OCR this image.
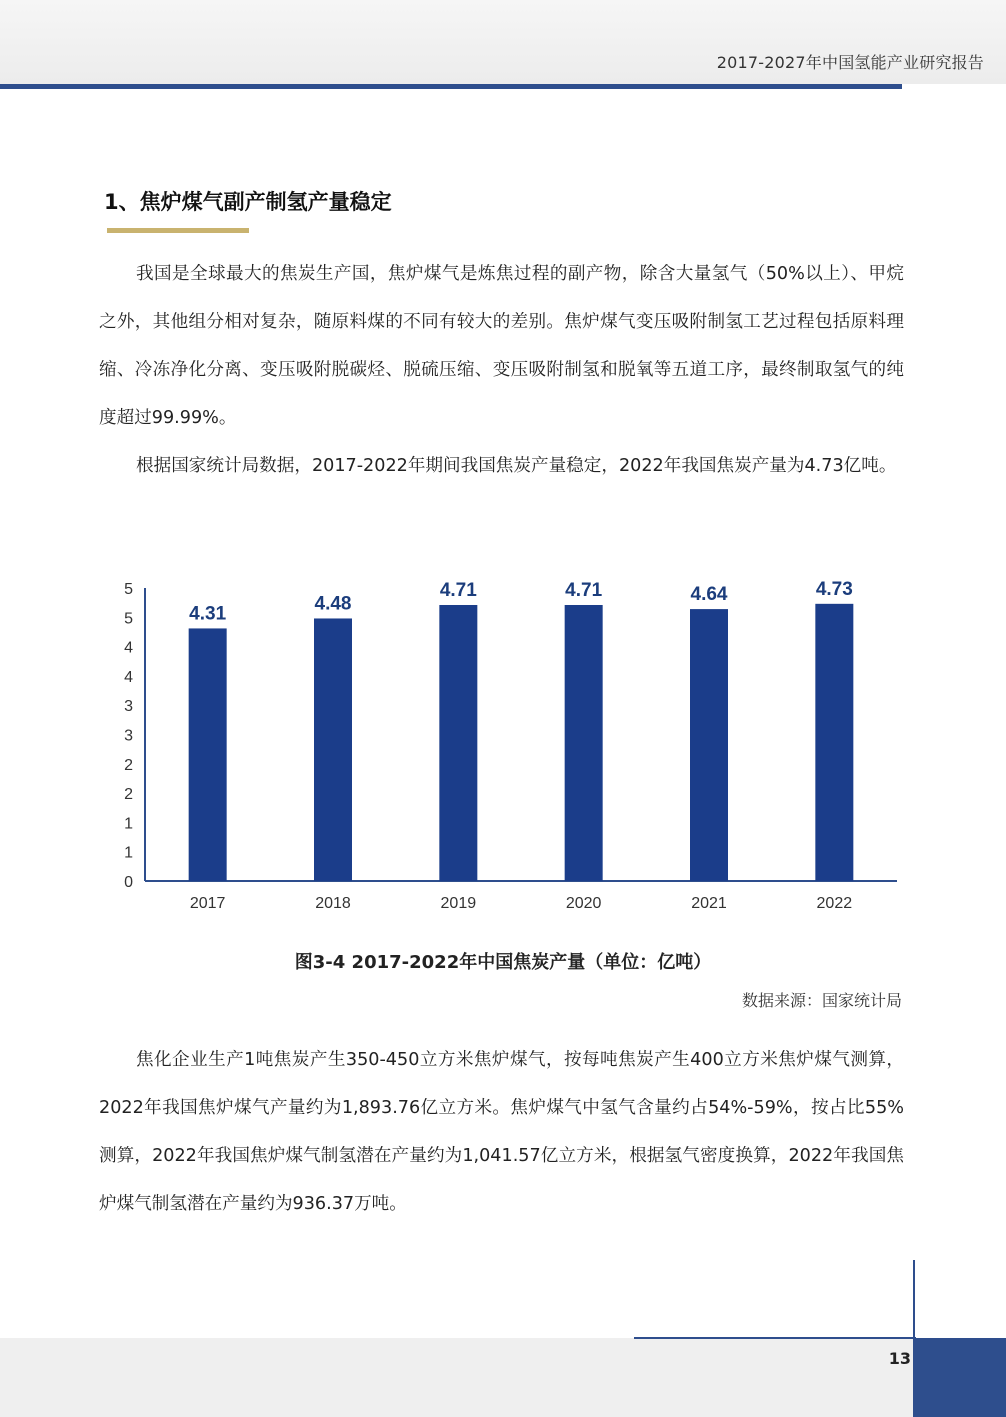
2017-2027年中国氢能产业研究报告
1、焦炉煤气副产制氢产量稳定

我国是全球最大的焦炭生产国，焦炉煤气是炼焦过程的副产物，除含大量氢气（50%以上）、甲烷之外，其他组分相对复杂，随原料煤的不同有较大的差别。焦炉煤气变压吸附制氢工艺过程包括原料理缩、冷冻净化分离、变压吸附脱碳烃、脱硫压缩、变压吸附制氢和脱氧等五道工序，最终制取氢气的纯度超过99.99%。

根据国家统计局数据，2017-2022年期间我国焦炭产量稳定，2022年我国焦炭产量为4.73亿吨。

0
1
1
2
2
3
3
4
4
5
5
4.31	4.48
4.71	4.71	4.64	4.73
2017	2018	2019	2020	2021	2022
图3-4 2017-2022年中国焦炭产量（单位：亿吨）
数据来源：国家统计局

焦化企业生产1吨焦炭产生350-450立方米焦炉煤气，按每吨焦炭产生400立方米焦炉煤气测算，2022年我国焦炉煤气产量约为1,893.76亿立方米。焦炉煤气中氢气含量约占54%-59%，按占比55%测算，2022年我国焦炉煤气制氢潜在产量约为1,041.57亿立方米，根据氢气密度换算，2022年我国焦炉煤气制氢潜在产量约为936.37万吨。

13
